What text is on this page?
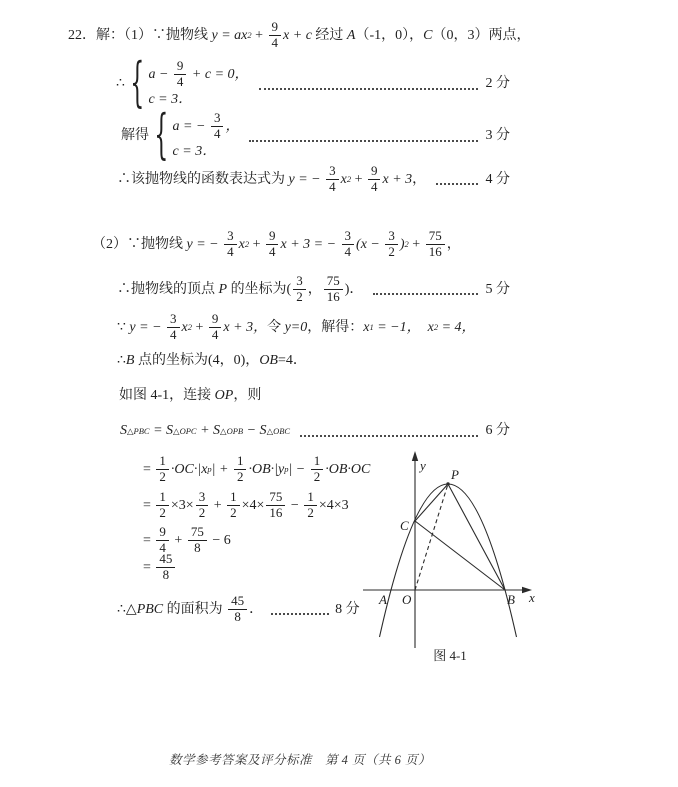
22．解：（1）∵抛物线 y = ax $2 + \frac{9}{4}$ x + c 经过 A （-1，0）， C （0，3）两点，
∴ { $a - \frac{9}{4} + c = 0$，
c = 3．
2 分
解得 { a = − $\frac{3}{4}$ ，
c = 3．
3 分
∴该抛物线的函数表达式为 y = − $\frac{3}{4}$ x $2 + \frac{9}{4}$ x + 3 ，	4 分
（2）∵抛物线 y = − $\frac{3}{4}$ x $2 + \frac{9}{4}$ x + 3 = − $\frac{3}{4} (x - \frac{3}{2}$ ) $2 + \frac{75}{16}$ ，
∴抛物线的顶点 P 的坐标为( $\frac{3}{2}$ ， $\frac{75}{16}$ )．	5 分
∵ y = − $\frac{3}{4}$ x $2 + \frac{9}{4}$ x + 3， 令 y=0 ，解得： x 1 = −1， x 2 = 4，
∴ B 点的坐标为(4，0)， OB =4．
如图 4-1，连接 OP ，则
S △PBC = S △OPC + S △OPB − S △OBC	6 分
= $\frac{1}{2} \cdot OC\cdot|x$ p | + $\frac{1}{2} \cdot OB\cdot|y$ p | − $\frac{1}{2} \cdot OB\cdot OC$
= $\frac{1}{2} \times 3\times \frac{3}{2} + \frac{1}{2} \times 4\times \frac{75}{16} - \frac{1}{2} \times 4\times 3$
= $\frac{9}{4} + \frac{75}{8} - 6$
= $\frac{45}{8}$
∴△ PBC 的面积为 $\frac{45}{8}$ ．	8 分
y
x
P
C
A O	B
图 4-1
数学参考答案及评分标准　第 4 页（共 6 页）
